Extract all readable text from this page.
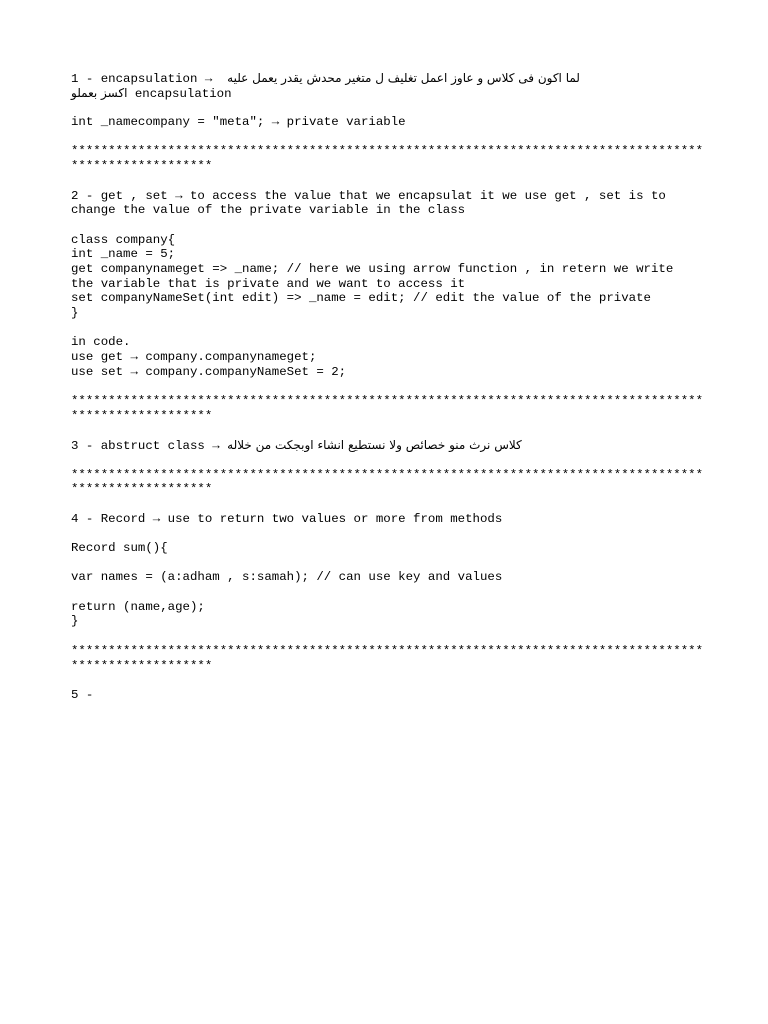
1 - encapsulation →  لما اكون فى كلاس و عاوز اعمل تغليف ل متغير محدش يقدر يعمل عليه
اكسز بعملو encapsulation
int _namecompany = "meta"; → private variable
*************************************************************************************
*******************
2 - get , set → to access the value that we encapsulat it we use get , set is to
change the value of the private variable in the class
class company{
int _name = 5;
get companynameget => _name; // here we using arrow function , in retern we write
the variable that is private and we want to access it
set companyNameSet(int edit) => _name = edit; // edit the value of the private
}
in code.
use get → company.companynameget;
use set → company.companyNameSet = 2;
*************************************************************************************
*******************
3 - abstruct class → كلاس نرث منو خصائص ولا نستطيع انشاء اوبجكت من خلاله
*************************************************************************************
*******************
4 - Record → use to return two values or more from methods
Record sum(){
var names = (a:adham , s:samah); // can use key and values
return (name,age);
}
*************************************************************************************
*******************
5 -
